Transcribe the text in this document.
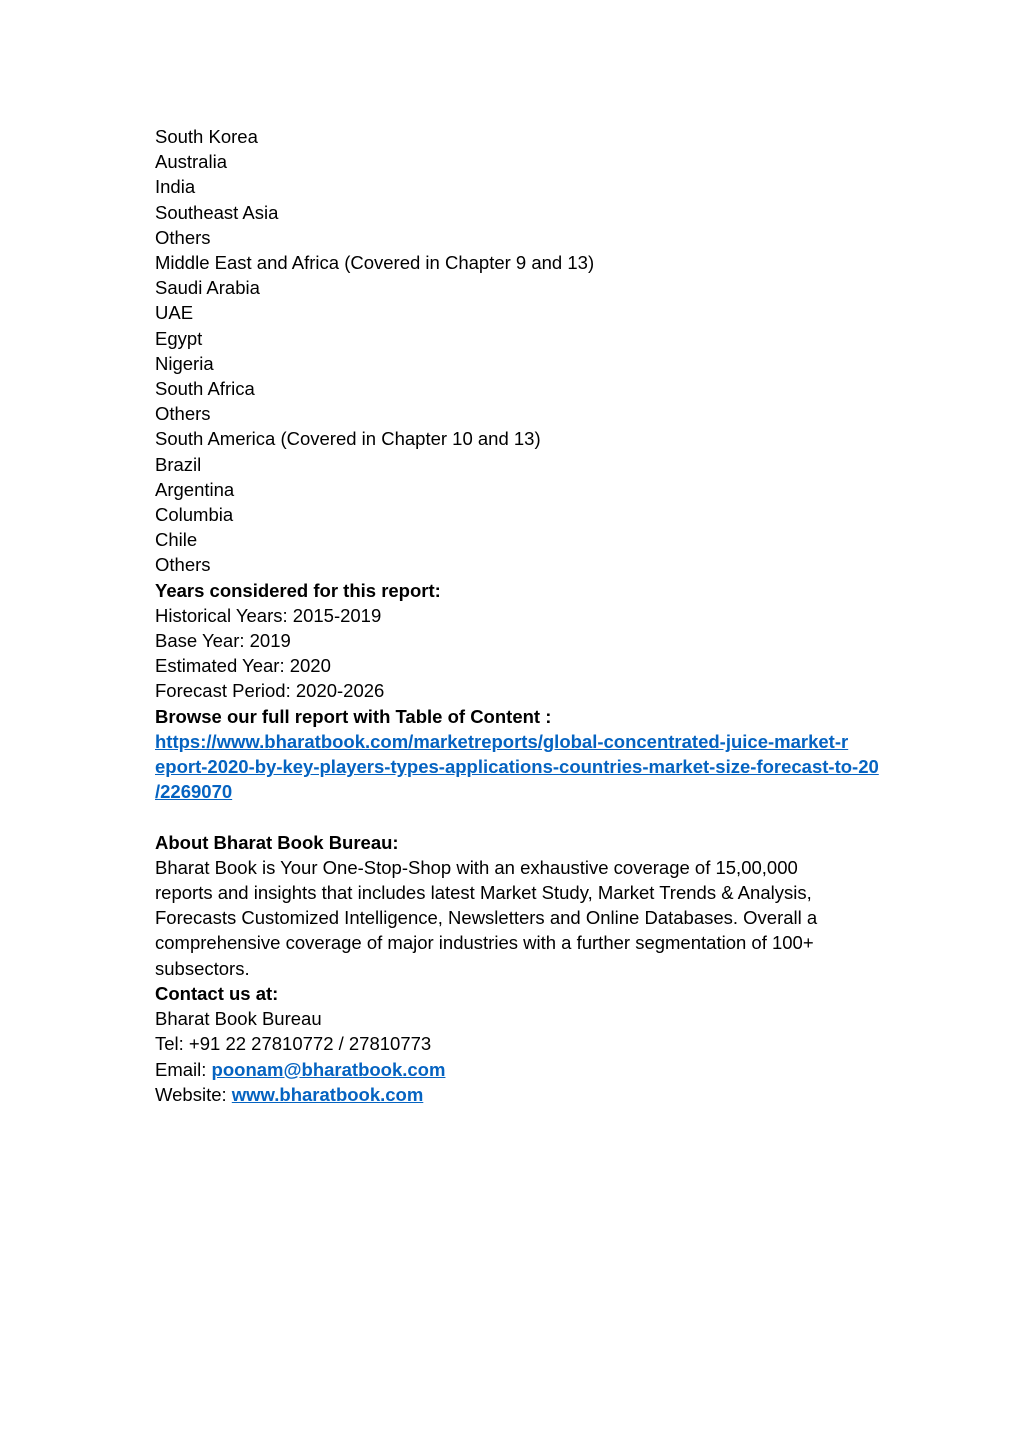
South Korea
Australia
India
Southeast Asia
Others
Middle East and Africa (Covered in Chapter 9 and 13)
Saudi Arabia
UAE
Egypt
Nigeria
South Africa
Others
South America (Covered in Chapter 10 and 13)
Brazil
Argentina
Columbia
Chile
Others
Years considered for this report:
Historical Years: 2015-2019
Base Year: 2019
Estimated Year: 2020
Forecast Period: 2020-2026
Browse our full report with Table of Content :
https://www.bharatbook.com/marketreports/global-concentrated-juice-market-r
eport-2020-by-key-players-types-applications-countries-market-size-forecast-to-20
/2269070
About Bharat Book Bureau:
Bharat Book is Your One-Stop-Shop with an exhaustive coverage of 15,00,000
reports and insights that includes latest Market Study, Market Trends & Analysis,
Forecasts Customized Intelligence, Newsletters and Online Databases. Overall a
comprehensive coverage of major industries with a further segmentation of 100+
subsectors.
Contact us at:
Bharat Book Bureau
Tel: +91 22 27810772 / 27810773
Email: poonam@bharatbook.com
Website: www.bharatbook.com
